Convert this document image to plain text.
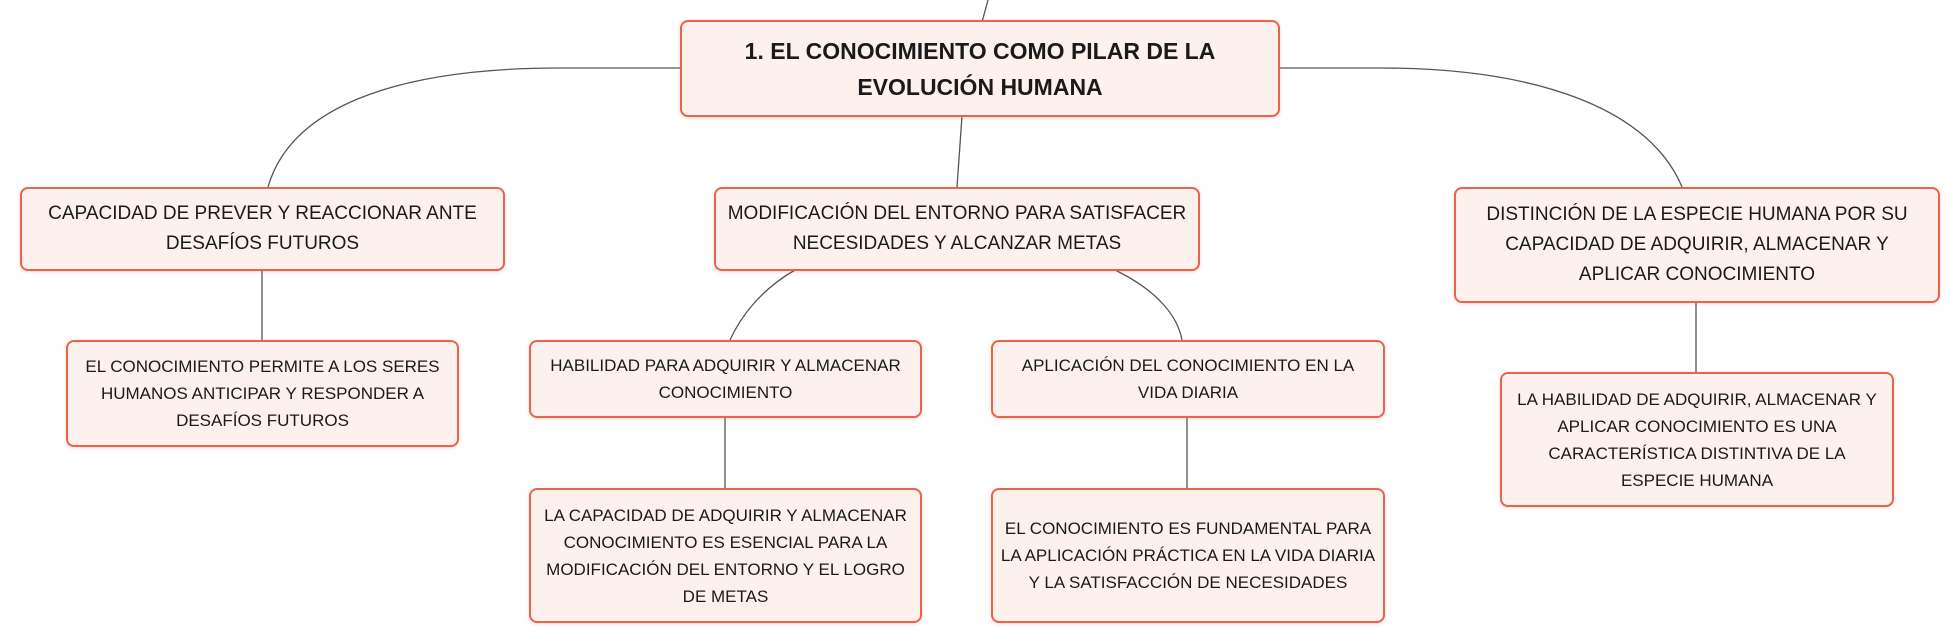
1. EL CONOCIMIENTO COMO PILAR DE LA EVOLUCIÓN HUMANA
CAPACIDAD DE PREVER Y REACCIONAR ANTE DESAFÍOS FUTUROS
MODIFICACIÓN DEL ENTORNO PARA SATISFACER NECESIDADES Y ALCANZAR METAS
DISTINCIÓN DE LA ESPECIE HUMANA POR SU CAPACIDAD DE ADQUIRIR, ALMACENAR Y APLICAR CONOCIMIENTO
EL CONOCIMIENTO PERMITE A LOS SERES HUMANOS ANTICIPAR Y RESPONDER A DESAFÍOS FUTUROS
HABILIDAD PARA ADQUIRIR Y ALMACENAR CONOCIMIENTO
APLICACIÓN DEL CONOCIMIENTO EN LA VIDA DIARIA
LA CAPACIDAD DE ADQUIRIR Y ALMACENAR CONOCIMIENTO ES ESENCIAL PARA LA MODIFICACIÓN DEL ENTORNO Y EL LOGRO DE METAS
EL CONOCIMIENTO ES FUNDAMENTAL PARA LA APLICACIÓN PRÁCTICA EN LA VIDA DIARIA Y LA SATISFACCIÓN DE NECESIDADES
LA HABILIDAD DE ADQUIRIR, ALMACENAR Y APLICAR CONOCIMIENTO ES UNA CARACTERÍSTICA DISTINTIVA DE LA ESPECIE HUMANA
